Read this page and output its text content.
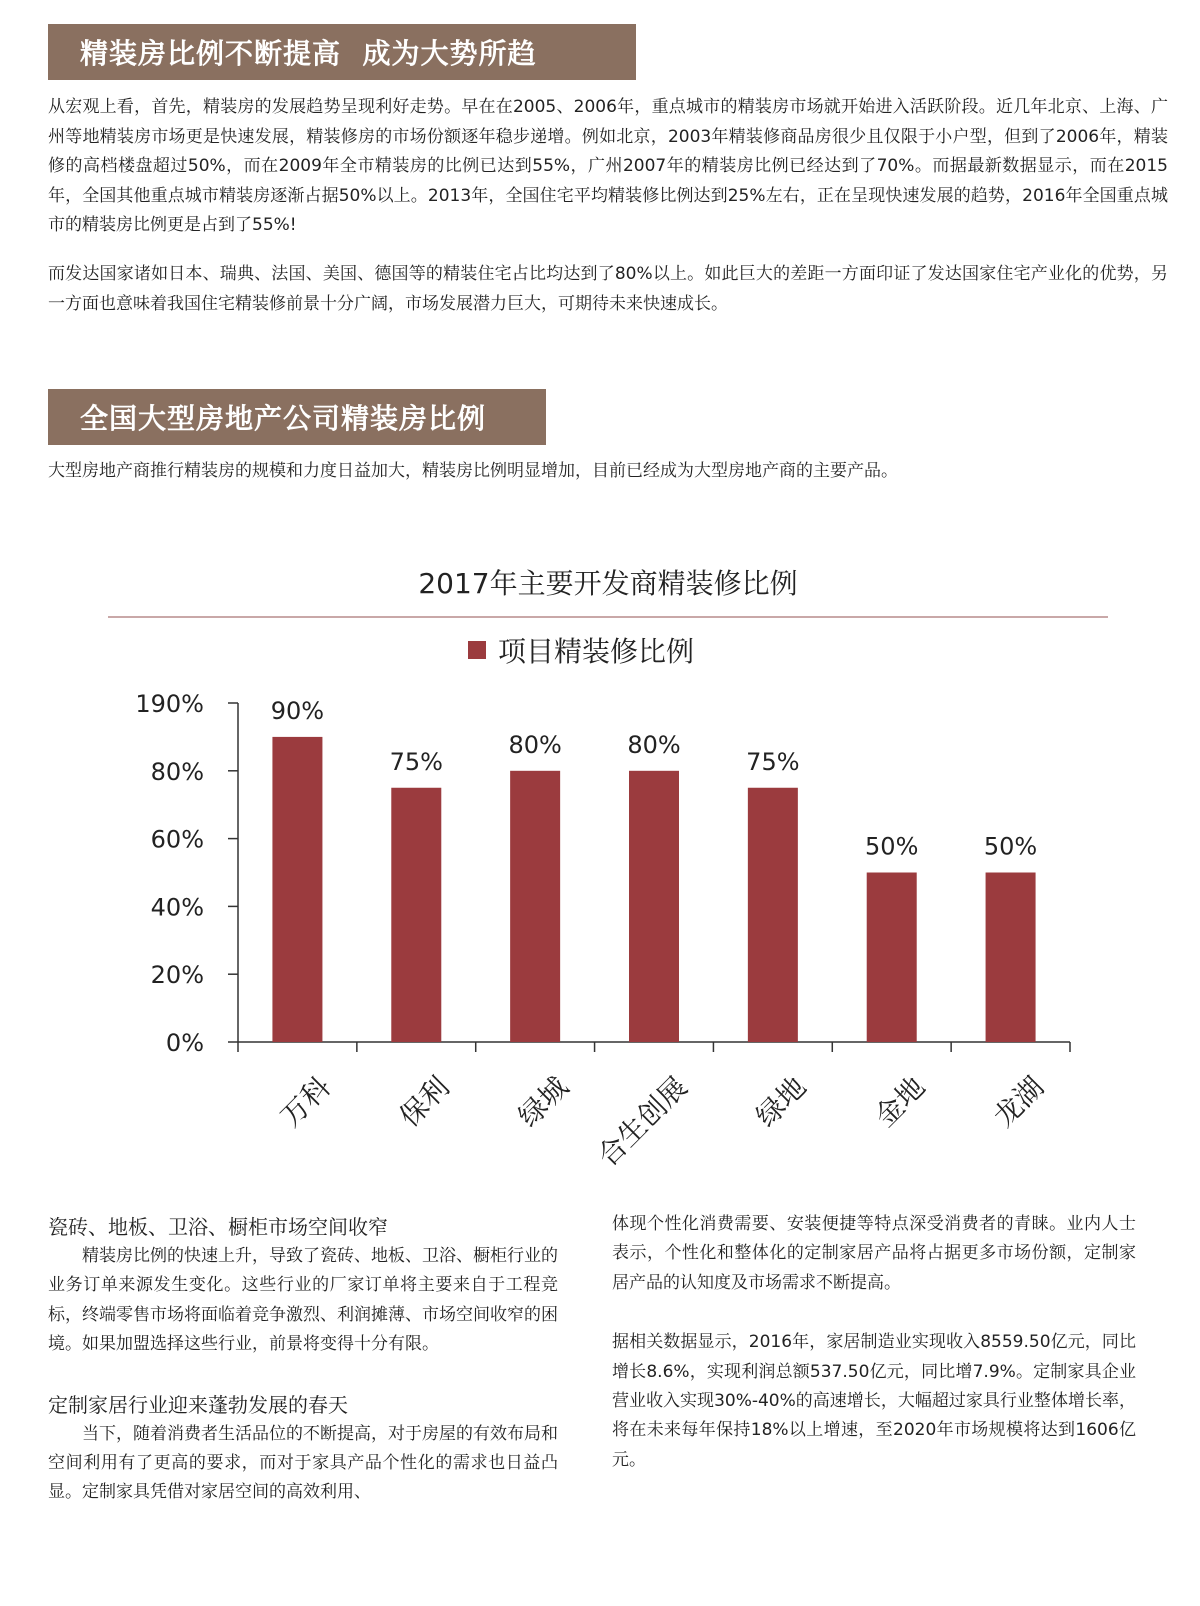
精装房比例不断提高  成为大势所趋

从宏观上看，首先，精装房的发展趋势呈现利好走势。早在在2005、2006年，重点城市的精装房市场就开始进入活跃阶段。近几年北京、上海、广州等地精装房市场更是快速发展，精装修房的市场份额逐年稳步递增。例如北京，2003年精装修商品房很少且仅限于小户型，但到了2006年，精装修的高档楼盘超过50%，而在2009年全市精装房的比例已达到55%，广州2007年的精装房比例已经达到了70%。而据最新数据显示，而在2015年，全国其他重点城市精装房逐渐占据50%以上。2013年，全国住宅平均精装修比例达到25%左右，正在呈现快速发展的趋势，2016年全国重点城市的精装房比例更是占到了55%!

而发达国家诸如日本、瑞典、法国、美国、德国等的精装住宅占比均达到了80%以上。如此巨大的差距一方面印证了发达国家住宅产业化的优势，另一方面也意味着我国住宅精装修前景十分广阔，市场发展潜力巨大，可期待未来快速成长。

全国大型房地产公司精装房比例

大型房地产商推行精装房的规模和力度日益加大，精装房比例明显增加，目前已经成为大型房地产商的主要产品。

2017年主要开发商精装修比例
项目精装修比例
0%
20%
40%
60%
80%
190%	90%
万科
75%
保利
80%
绿城
80%
合生创展
75%
绿地
50%
金地
50%
龙湖

瓷砖、地板、卫浴、橱柜市场空间收窄

精装房比例的快速上升，导致了瓷砖、地板、卫浴、橱柜行业的业务订单来源发生变化。这些行业的厂家订单将主要来自于工程竞标，终端零售市场将面临着竞争激烈、利润摊薄、市场空间收窄的困境。如果加盟选择这些行业，前景将变得十分有限。

定制家居行业迎来蓬勃发展的春天

当下，随着消费者生活品位的不断提高，对于房屋的有效布局和空间利用有了更高的要求，而对于家具产品个性化的需求也日益凸显。定制家具凭借对家居空间的高效利用、

体现个性化消费需要、安装便捷等特点深受消费者的青睐。业内人士表示，个性化和整体化的定制家居产品将占据更多市场份额，定制家居产品的认知度及市场需求不断提高。

据相关数据显示，2016年，家居制造业实现收入8559.50亿元，同比增长8.6%，实现利润总额537.50亿元，同比增7.9%。定制家具企业营业收入实现30%-40%的高速增长，大幅超过家具行业整体增长率，将在未来每年保持18%以上增速，至2020年市场规模将达到1606亿元。
